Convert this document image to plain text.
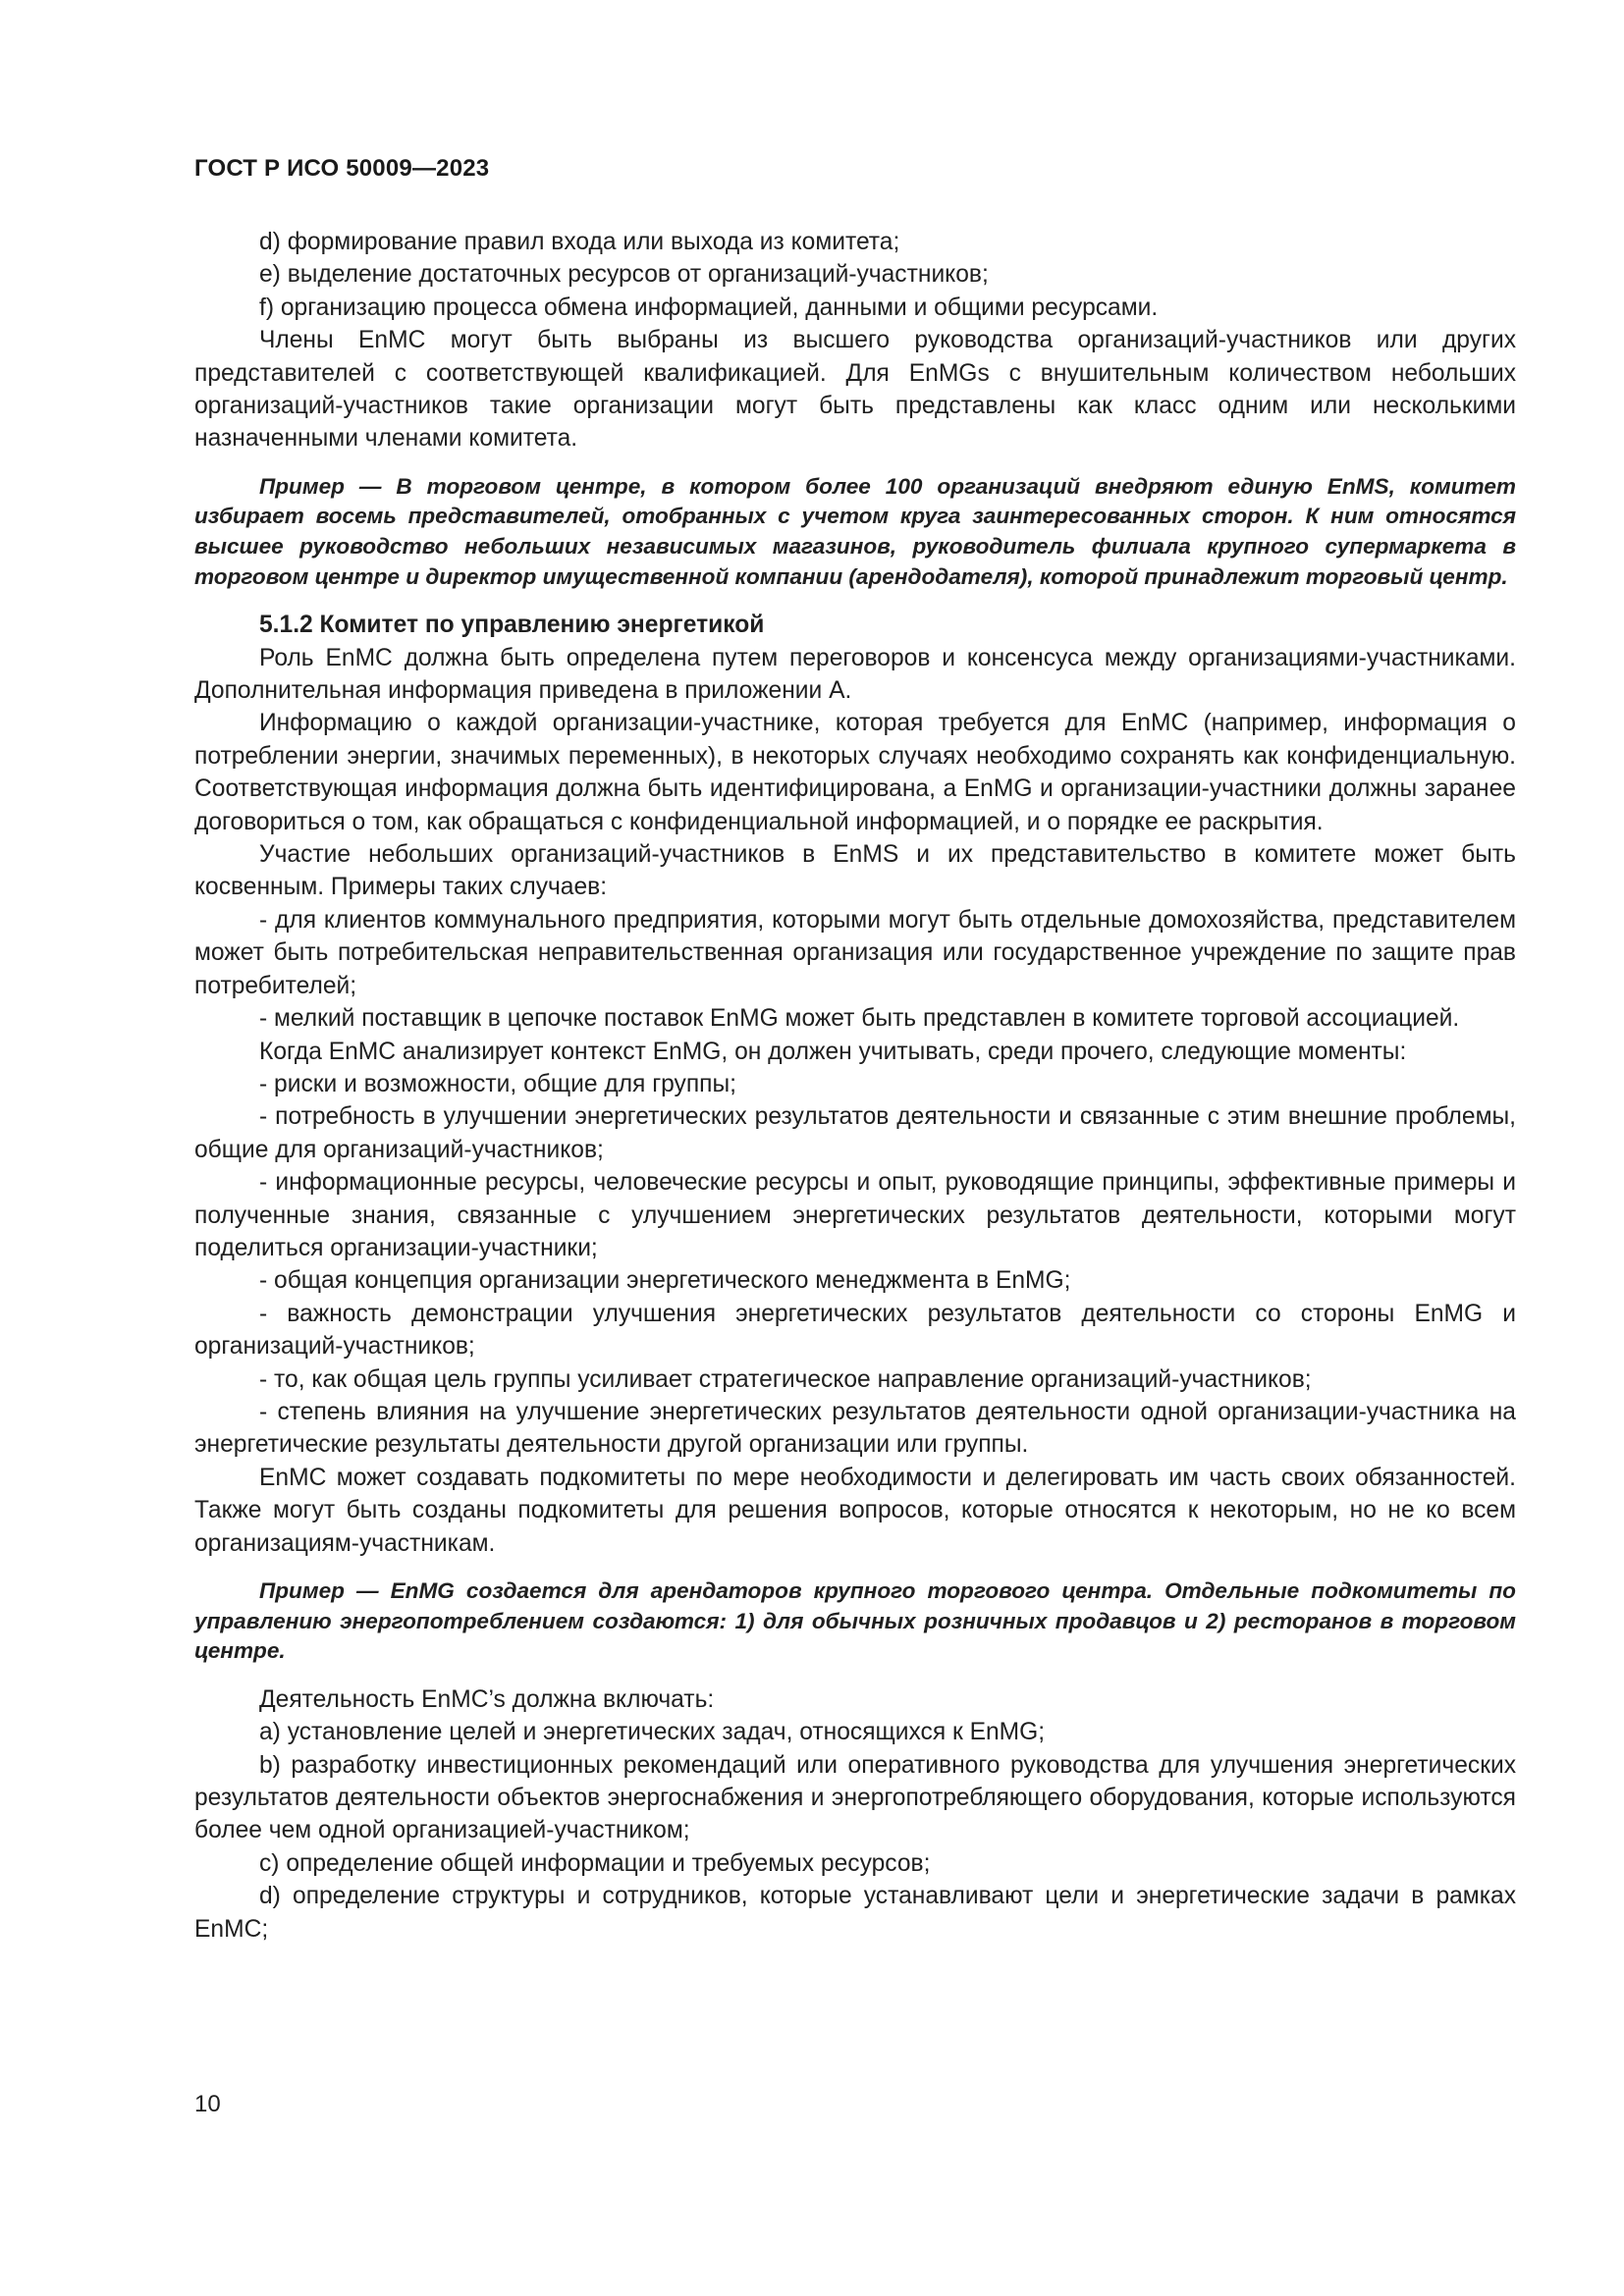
ГОСТ Р ИСО 50009—2023

d) формирование правил входа или выхода из комитета;

e) выделение достаточных ресурсов от организаций-участников;

f) организацию процесса обмена информацией, данными и общими ресурсами.

Члены EnMC могут быть выбраны из высшего руководства организаций-участников или других представителей с соответствующей квалификацией. Для EnMGs с внушительным количеством небольших организаций-участников такие организации могут быть представлены как класс одним или несколькими назначенными членами комитета.

Пример — В торговом центре, в котором более 100 организаций внедряют единую EnMS, комитет избирает восемь представителей, отобранных с учетом круга заинтересованных сторон. К ним относятся высшее руководство небольших независимых магазинов, руководитель филиала крупного супермаркета в торговом центре и директор имущественной компании (арендодателя), которой принадлежит торговый центр.

5.1.2 Комитет по управлению энергетикой

Роль EnMC должна быть определена путем переговоров и консенсуса между организациями-участниками. Дополнительная информация приведена в приложении А.

Информацию о каждой организации-участнике, которая требуется для EnMC (например, информация о потреблении энергии, значимых переменных), в некоторых случаях необходимо сохранять как конфиденциальную. Соответствующая информация должна быть идентифицирована, а EnMG и организации-участники должны заранее договориться о том, как обращаться с конфиденциальной информацией, и о порядке ее раскрытия.

Участие небольших организаций-участников в EnMS и их представительство в комитете может быть косвенным. Примеры таких случаев:

- для клиентов коммунального предприятия, которыми могут быть отдельные домохозяйства, представителем может быть потребительская неправительственная организация или государственное учреждение по защите прав потребителей;

- мелкий поставщик в цепочке поставок EnMG может быть представлен в комитете торговой ассоциацией.

Когда EnMC анализирует контекст EnMG, он должен учитывать, среди прочего, следующие моменты:

- риски и возможности, общие для группы;

- потребность в улучшении энергетических результатов деятельности и связанные с этим внешние проблемы, общие для организаций-участников;

- информационные ресурсы, человеческие ресурсы и опыт, руководящие принципы, эффективные примеры и полученные знания, связанные с улучшением энергетических результатов деятельности, которыми могут поделиться организации-участники;

- общая концепция организации энергетического менеджмента в EnMG;

- важность демонстрации улучшения энергетических результатов деятельности со стороны EnMG и организаций-участников;

- то, как общая цель группы усиливает стратегическое направление организаций-участников;

- степень влияния на улучшение энергетических результатов деятельности одной организации-участника на энергетические результаты деятельности другой организации или группы.

EnMC может создавать подкомитеты по мере необходимости и делегировать им часть своих обязанностей. Также могут быть созданы подкомитеты для решения вопросов, которые относятся к некоторым, но не ко всем организациям-участникам.

Пример — EnMG создается для арендаторов крупного торгового центра. Отдельные подкомитеты по управлению энергопотреблением создаются: 1) для обычных розничных продавцов и 2) ресторанов в торговом центре.

Деятельность EnMC’s должна включать:

a) установление целей и энергетических задач, относящихся к EnMG;

b) разработку инвестиционных рекомендаций или оперативного руководства для улучшения энергетических результатов деятельности объектов энергоснабжения и энергопотребляющего оборудования, которые используются более чем одной организацией-участником;

c) определение общей информации и требуемых ресурсов;

d) определение структуры и сотрудников, которые устанавливают цели и энергетические задачи в рамках EnMC;

10
